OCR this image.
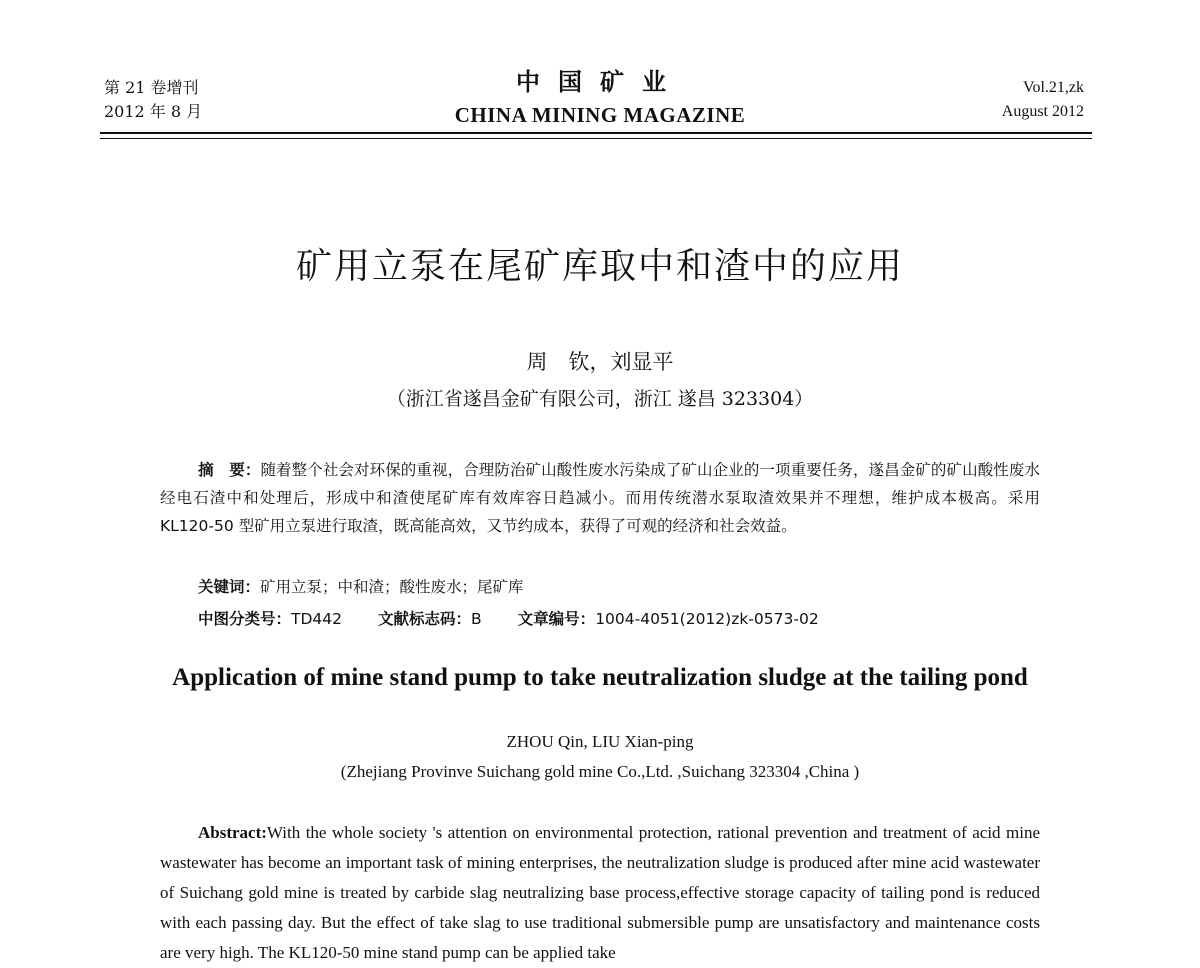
第 21 卷增刊
2012 年 8 月
中国矿业
CHINA MINING MAGAZINE
Vol.21,zk
August 2012
矿用立泵在尾矿库取中和渣中的应用
周　钦，刘显平
（浙江省遂昌金矿有限公司，浙江 遂昌 323304）
摘　要：随着整个社会对环保的重视，合理防治矿山酸性废水污染成了矿山企业的一项重要任务，遂昌金矿的矿山酸性废水经电石渣中和处理后，形成中和渣使尾矿库有效库容日趋减小。而用传统潜水泵取渣效果并不理想，维护成本极高。采用 KL120-50 型矿用立泵进行取渣，既高能高效，又节约成本，获得了可观的经济和社会效益。
关键词：矿用立泵；中和渣；酸性废水；尾矿库
中图分类号：TD442 文献标志码：B 文章编号：1004-4051(2012)zk-0573-02
Application of mine stand pump to take neutralization sludge at the tailing pond
ZHOU Qin, LIU Xian-ping
(Zhejiang Provinve Suichang gold mine Co.,Ltd. ,Suichang 323304 ,China )
Abstract:With the whole society 's attention on environmental protection, rational prevention and treatment of acid mine wastewater has become an important task of mining enterprises, the neutralization sludge is produced after mine acid wastewater of Suichang gold mine is treated by carbide slag neutralizing base process,effective storage capacity of tailing pond is reduced with each passing day. But the effect of take slag to use traditional submersible pump are unsatisfactory and maintenance costs are very high. The KL120-50 mine stand pump can be applied take
